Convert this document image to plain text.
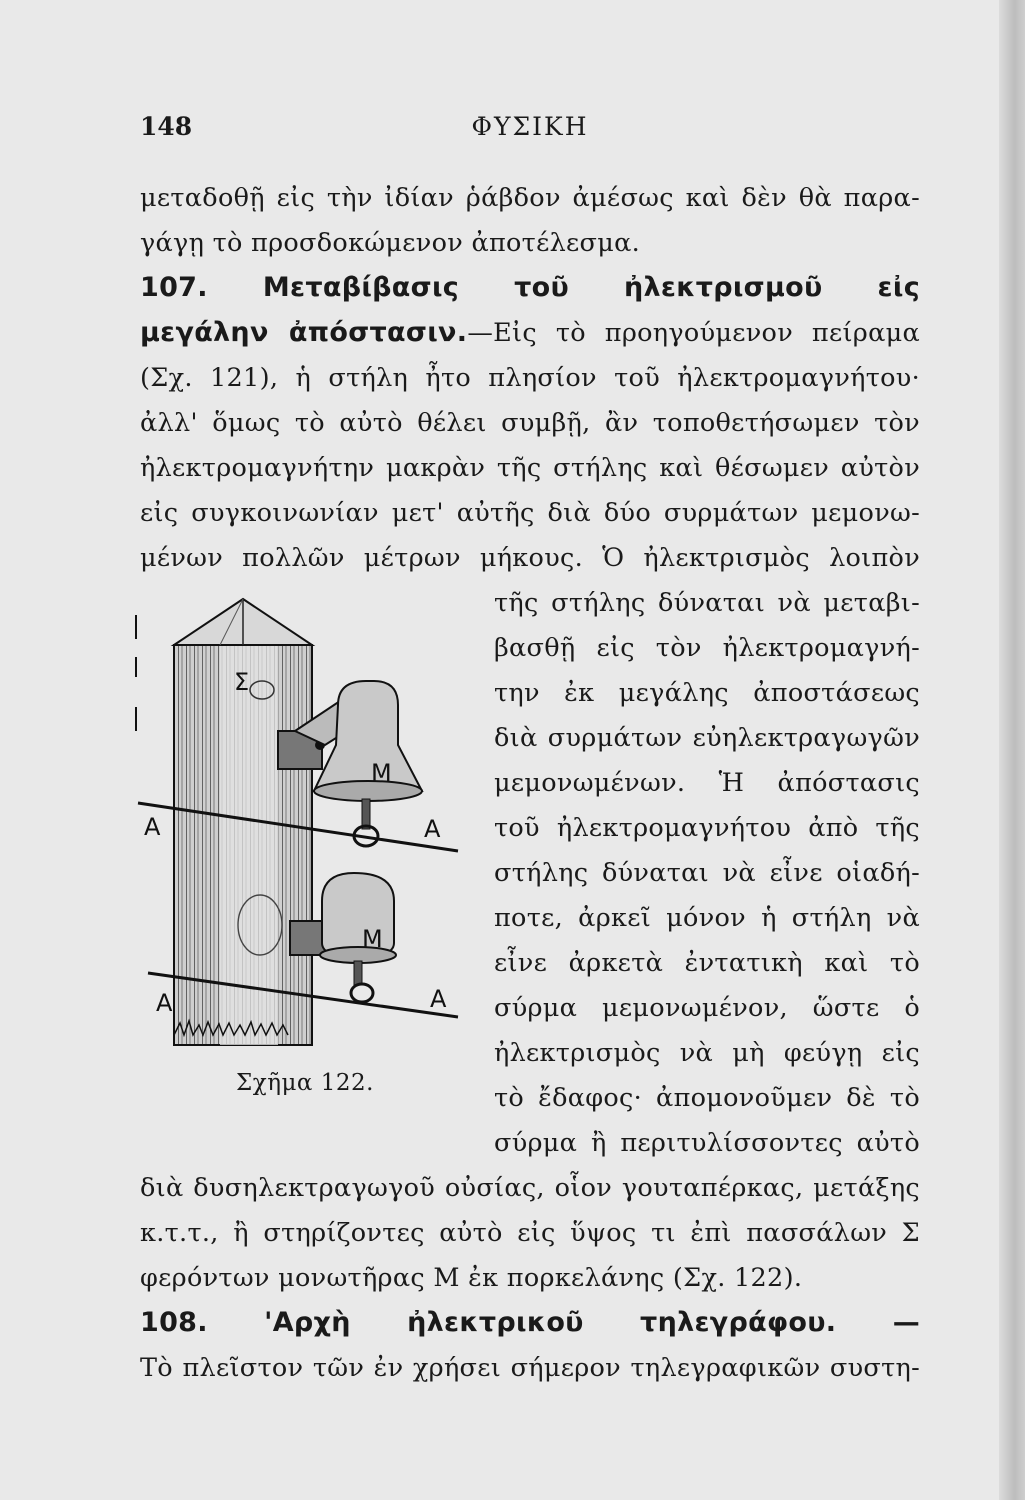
148	ΦΥΣΙΚΗ
μεταδοθῇ εἰς τὴν ἰδίαν ῥάβδον ἀμέσως καὶ δὲν θὰ παρα-
γάγῃ τὸ προσδοκώμενον ἀποτέλεσμα.
107. Μεταβίβασις τοῦ ἠλεκτρισμοῦ εἰς
μεγάλην ἀπόστασιν.—Εἰς τὸ προηγούμενον πείραμα
(Σχ. 121), ἡ στήλη ἦτο πλησίον τοῦ ἠλεκτρομαγνήτου·
ἀλλ' ὅμως τὸ αὐτὸ θέλει συμβῇ, ἂν τοποθετήσωμεν τὸν
ἠλεκτρομαγνήτην μακρὰν τῆς στήλης καὶ θέσωμεν αὐτὸν
εἰς συγκοινωνίαν μετ' αὐτῆς διὰ δύο συρμάτων μεμονω-
μένων πολλῶν μέτρων μήκους. Ὁ ἠλεκτρισμὸς λοιπὸν
τῆς στήλης δύναται νὰ μεταβι-
βασθῇ εἰς τὸν ἠλεκτρομαγνή-
την ἐκ μεγάλης ἀποστάσεως
διὰ συρμάτων εὐηλεκτραγωγῶν
μεμονωμένων. Ἡ ἀπόστασις
τοῦ ἠλεκτρομαγνήτου ἀπὸ τῆς
στήλης δύναται νὰ εἶνε οἱαδή-
ποτε, ἀρκεῖ μόνον ἡ στήλη νὰ
εἶνε ἀρκετὰ ἐντατικὴ καὶ τὸ
σύρμα μεμονωμένον, ὥστε ὁ
ἠλεκτρισμὸς νὰ μὴ φεύγῃ εἰς
τὸ ἔδαφος· ἀπομονοῦμεν δὲ τὸ
σύρμα ἢ περιτυλίσσοντες αὐτὸ
διὰ δυσηλεκτραγωγοῦ οὐσίας, οἷον γουταπέρκας, μετάξης
κ.τ.τ., ἢ στηρίζοντες αὐτὸ εἰς ὕψος τι ἐπὶ πασσάλων Σ
φερόντων μονωτῆρας Μ ἐκ πορκελάνης (Σχ. 122).
108. 'Αρχὴ ἠλεκτρικοῦ τηλεγράφου. —
Τὸ πλεῖστον τῶν ἐν χρήσει σήμερον τηλεγραφικῶν συστη-
Σ
Μ
Α	Α
Μ
Α	Α
Σχῆμα 122.
